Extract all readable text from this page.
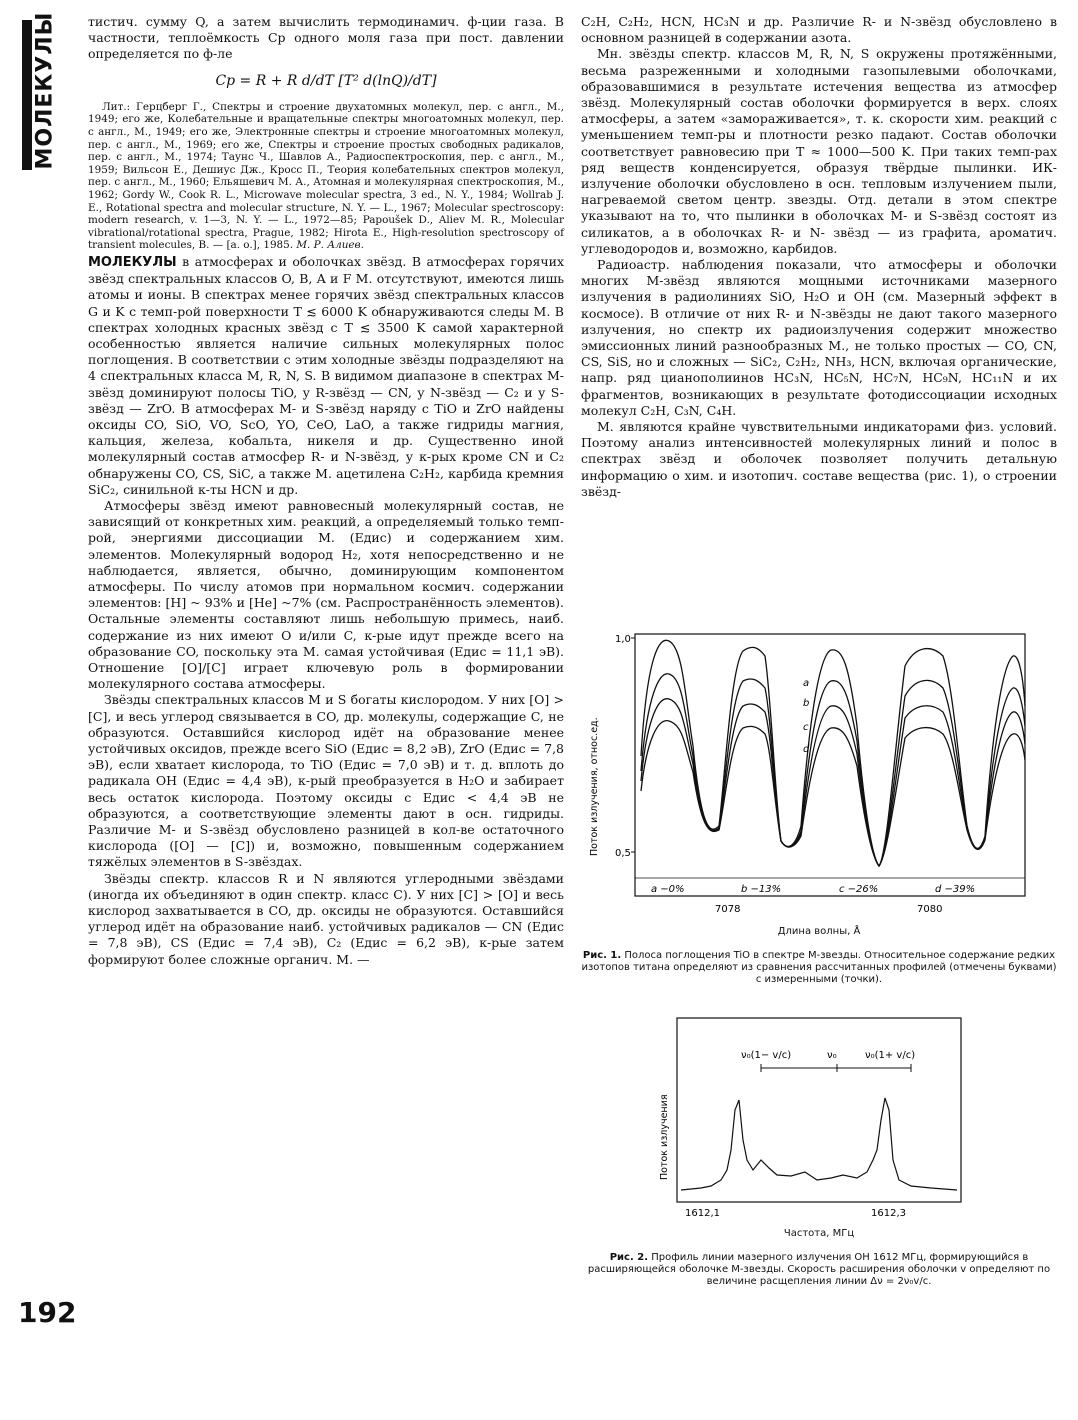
МОЛЕКУЛЫ
192

тистич. сумму Q, а затем вычислить термодинамич. ф-ции газа. В частности, теплоёмкость Cp одного моля газа при пост. давлении определяется по ф-ле

Cp = R + R d/dT [T² d(lnQ)/dT]

Лит.: Герцберг Г., Спектры и строение двухатомных молекул, пер. с англ., М., 1949; его же, Колебательные и вращательные спектры многоатомных молекул, пер. с англ., М., 1949; его же, Электронные спектры и строение многоатомных молекул, пер. с англ., М., 1969; его же, Спектры и строение простых свободных радикалов, пер. с англ., М., 1974; Таунс Ч., Шавлов А., Радиоспектроскопия, пер. с англ., М., 1959; Вильсон Е., Дешиус Дж., Кросс П., Теория колебательных спектров молекул, пер. с англ., М., 1960; Ельяшевич М. А., Атомная и молекулярная спектроскопия, М., 1962; Gordy W., Cook R. L., Microwave molecular spectra, 3 ed., N. Y., 1984; Wollrab J. E., Rotational spectra and molecular structure, N. Y. — L., 1967; Molecular spectroscopy: modern research, v. 1—3, N. Y. — L., 1972—85; Papoušek D., Aliev M. R., Molecular vibrational/rotational spectra, Prague, 1982; Hirota E., High-resolution spectroscopy of transient molecules, B. — [a. o.], 1985. М. Р. Алиев.

МОЛЕКУЛЫ в атмосферах и оболочках звёзд. В атмосферах горячих звёзд спектральных классов O, B, A и F M. отсутствуют, имеются лишь атомы и ионы. В спектрах менее горячих звёзд спектральных классов G и K с темп-рой поверхности T ≲ 6000 K обнаруживаются следы M. В спектрах холодных красных звёзд с T ≲ 3500 K самой характерной особенностью является наличие сильных молекулярных полос поглощения. В соответствии с этим холодные звёзды подразделяют на 4 спектральных класса M, R, N, S. В видимом диапазоне в спектрах M-звёзд доминируют полосы TiO, у R-звёзд — CN, у N-звёзд — C₂ и у S-звёзд — ZrO. В атмосферах M- и S-звёзд наряду с TiO и ZrO найдены оксиды CO, SiO, VO, ScO, YO, CeO, LaO, а также гидриды магния, кальция, железа, кобальта, никеля и др. Существенно иной молекулярный состав атмосфер R- и N-звёзд, у к-рых кроме CN и C₂ обнаружены CO, CS, SiC, а также M. ацетилена C₂H₂, карбида кремния SiC₂, синильной к-ты HCN и др.

Атмосферы звёзд имеют равновесный молекулярный состав, не зависящий от конкретных хим. реакций, а определяемый только темп-рой, энергиями диссоциации M. (Eдис) и содержанием хим. элементов. Молекулярный водород H₂, хотя непосредственно и не наблюдается, является, обычно, доминирующим компонентом атмосферы. По числу атомов при нормальном космич. содержании элементов: [H] ~ 93% и [He] ~7% (см. Распространённость элементов). Остальные элементы составляют лишь небольшую примесь, наиб. содержание из них имеют O и/или C, к-рые идут прежде всего на образование CO, поскольку эта M. самая устойчивая (Eдис = 11,1 эВ). Отношение [O]/[C] играет ключевую роль в формировании молекулярного состава атмосферы.

Звёзды спектральных классов M и S богаты кислородом. У них [O] > [C], и весь углерод связывается в CO, др. молекулы, содержащие C, не образуются. Оставшийся кислород идёт на образование менее устойчивых оксидов, прежде всего SiO (Eдис = 8,2 эВ), ZrO (Eдис = 7,8 эВ), если хватает кислорода, то TiO (Eдис = 7,0 эВ) и т. д. вплоть до радикала OH (Eдис = 4,4 эВ), к-рый преобразуется в H₂O и забирает весь остаток кислорода. Поэтому оксиды с Eдис < 4,4 эВ не образуются, а соответствующие элементы дают в осн. гидриды. Различие M- и S-звёзд обусловлено разницей в кол-ве остаточного кислорода ([O] — [C]) и, возможно, повышенным содержанием тяжёлых элементов в S-звёздах.

Звёзды спектр. классов R и N являются углеродными звёздами (иногда их объединяют в один спектр. класс C). У них [C] > [O] и весь кислород захватывается в CO, др. оксиды не образуются. Оставшийся углерод идёт на образование наиб. устойчивых радикалов — CN (Eдис = 7,8 эВ), CS (Eдис = 7,4 эВ), C₂ (Eдис = 6,2 эВ), к-рые затем формируют более сложные органич. M. —

C₂H, C₂H₂, HCN, HC₃N и др. Различие R- и N-звёзд обусловлено в основном разницей в содержании азота.

Мн. звёзды спектр. классов M, R, N, S окружены протяжёнными, весьма разреженными и холодными газопылевыми оболочками, образовавшимися в результате истечения вещества из атмосфер звёзд. Молекулярный состав оболочки формируется в верх. слоях атмосферы, а затем «замораживается», т. к. скорости хим. реакций с уменьшением темп-ры и плотности резко падают. Состав оболочки соответствует равновесию при T ≈ 1000—500 K. При таких темп-рах ряд веществ конденсируется, образуя твёрдые пылинки. ИК-излучение оболочки обусловлено в осн. тепловым излучением пыли, нагреваемой светом центр. звезды. Отд. детали в этом спектре указывают на то, что пылинки в оболочках M- и S-звёзд состоят из силикатов, а в оболочках R- и N- звёзд — из графита, ароматич. углеводородов и, возможно, карбидов.

Радиоастр. наблюдения показали, что атмосферы и оболочки многих M-звёзд являются мощными источниками мазерного излучения в радиолиниях SiO, H₂O и OH (см. Мазерный эффект в космосе). В отличие от них R- и N-звёзды не дают такого мазерного излучения, но спектр их радиоизлучения содержит множество эмиссионных линий разнообразных M., не только простых — CO, CN, CS, SiS, но и сложных — SiC₂, C₂H₂, NH₃, HCN, включая органические, напр. ряд цианополиинов HC₃N, HC₅N, HC₇N, HC₉N, HC₁₁N и их фрагментов, возникающих в результате фотодиссоциации исходных молекул C₂H, C₃N, C₄H.

M. являются крайне чувствительными индикаторами физ. условий. Поэтому анализ интенсивностей молекулярных линий и полос в спектрах звёзд и оболочек позволяет получить детальную информацию о хим. и изотопич. составе вещества (рис. 1), о строении звёзд-

1,0
0,5
Поток излучения, относ.ед.
a
b
c
d
a −0%	b −13%	c −26%	d −39%
7078	7080
Длина волны, Å
Рис. 1. Полоса поглощения TiO в спектре M-звезды. Относительное содержание редких изотопов титана определяют из сравнения рассчитанных профилей (отмечены буквами) с измеренными (точки).
Поток излучения
ν₀(1− v/c)	ν₀	ν₀(1+ v/c)
1612,1	1612,3
Частота, МГц
Рис. 2. Профиль линии мазерного излучения OH 1612 МГц, формирующийся в расширяющейся оболочке M-звезды. Скорость расширения оболочки v определяют по величине расщепления линии Δν = 2ν₀v/c.
